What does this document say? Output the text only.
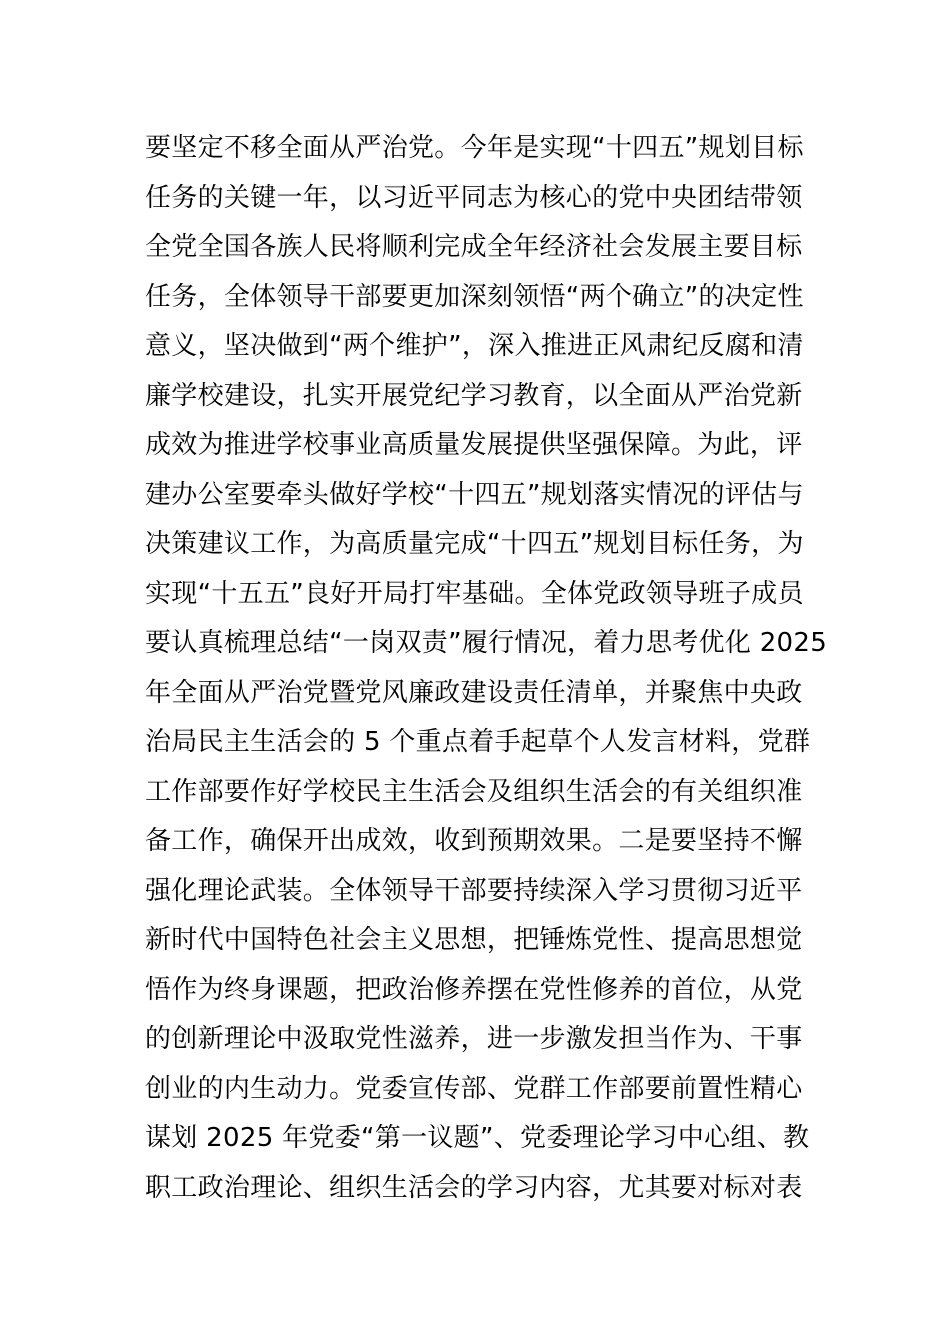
要坚定不移全面从严治党。今年是实现“十四五”规划目标
任务的关键一年，以习近平同志为核心的党中央团结带领
全党全国各族人民将顺利完成全年经济社会发展主要目标
任务，全体领导干部要更加深刻领悟“两个确立”的决定性
意义，坚决做到“两个维护”，深入推进正风肃纪反腐和清
廉学校建设，扎实开展党纪学习教育，以全面从严治党新
成效为推进学校事业高质量发展提供坚强保障。为此，评
建办公室要牵头做好学校“十四五”规划落实情况的评估与
决策建议工作，为高质量完成“十四五”规划目标任务，为
实现“十五五”良好开局打牢基础。全体党政领导班子成员
要认真梳理总结“一岗双责”履行情况，着力思考优化 2025
年全面从严治党暨党风廉政建设责任清单，并聚焦中央政
治局民主生活会的 5 个重点着手起草个人发言材料，党群
工作部要作好学校民主生活会及组织生活会的有关组织准
备工作，确保开出成效，收到预期效果。二是要坚持不懈
强化理论武装。全体领导干部要持续深入学习贯彻习近平
新时代中国特色社会主义思想，把锤炼党性、提高思想觉
悟作为终身课题，把政治修养摆在党性修养的首位，从党
的创新理论中汲取党性滋养，进一步激发担当作为、干事
创业的内生动力。党委宣传部、党群工作部要前置性精心
谋划 2025 年党委“第一议题”、党委理论学习中心组、教
职工政治理论、组织生活会的学习内容，尤其要对标对表
